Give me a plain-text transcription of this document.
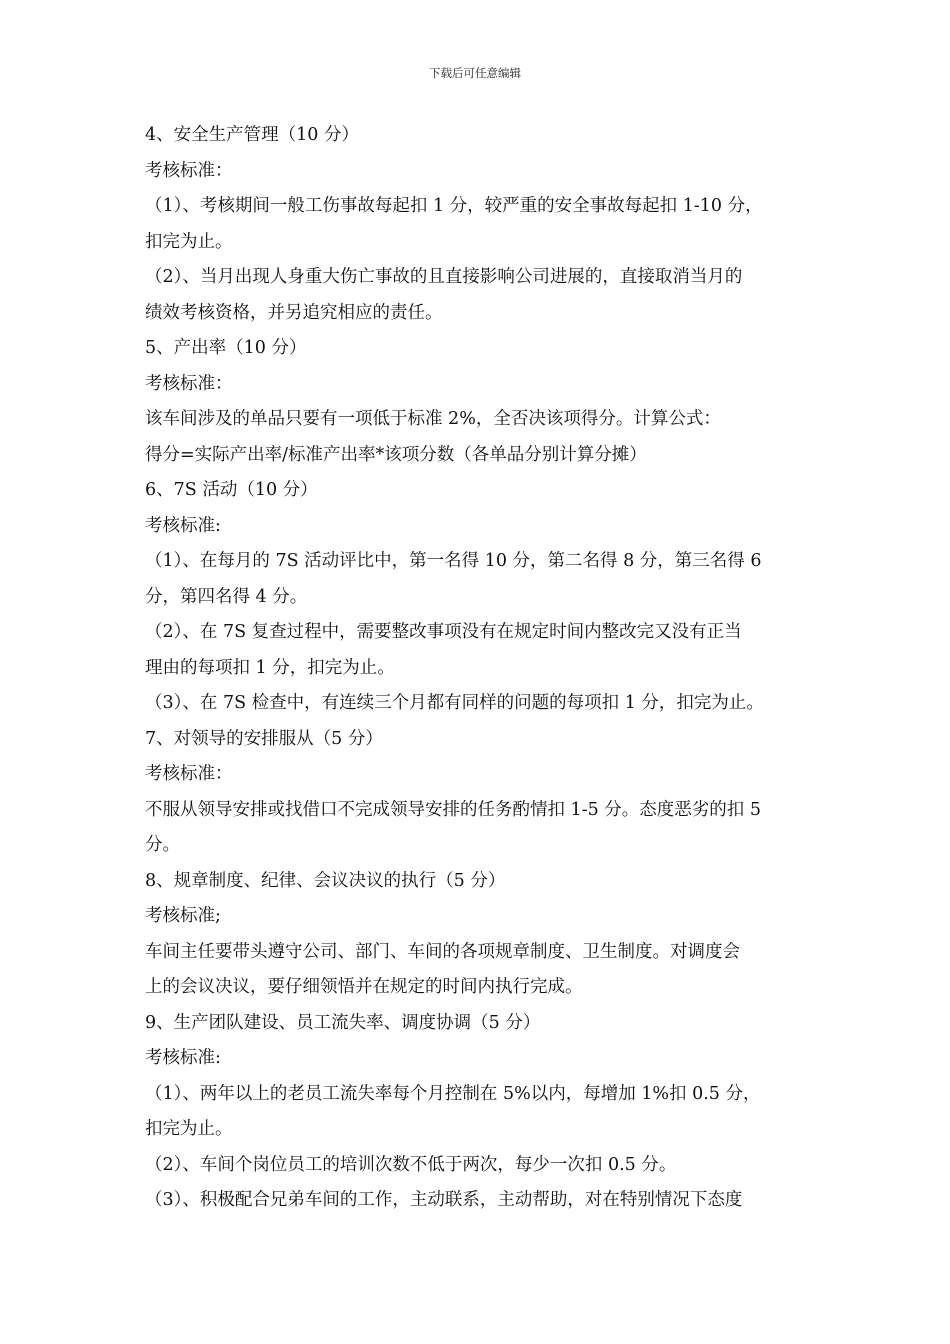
下载后可任意编辑
4、安全生产管理（10 分）
考核标准：
（1）、考核期间一般工伤事故每起扣 1 分，较严重的安全事故每起扣 1-10 分，
扣完为止。
（2）、当月出现人身重大伤亡事故的且直接影响公司进展的，直接取消当月的
绩效考核资格，并另追究相应的责任。
5、产出率（10 分）
考核标准：
该车间涉及的单品只要有一项低于标准 2%，全否决该项得分。计算公式：
得分=实际产出率/标准产出率*该项分数（各单品分别计算分摊）
6、7S 活动（10 分）
考核标准:
（1）、在每月的 7S 活动评比中，第一名得 10 分，第二名得 8 分，第三名得 6
分，第四名得 4 分。
（2）、在 7S 复查过程中，需要整改事项没有在规定时间内整改完又没有正当
理由的每项扣 1 分，扣完为止。
（3）、在 7S 检查中，有连续三个月都有同样的问题的每项扣 1 分，扣完为止。
7、对领导的安排服从（5 分）
考核标准：
不服从领导安排或找借口不完成领导安排的任务酌情扣 1-5 分。态度恶劣的扣 5
分。
8、规章制度、纪律、会议决议的执行（5 分）
考核标准;
车间主任要带头遵守公司、部门、车间的各项规章制度、卫生制度。对调度会
上的会议决议，要仔细领悟并在规定的时间内执行完成。
9、生产团队建设、员工流失率、调度协调（5 分）
考核标准:
（1）、两年以上的老员工流失率每个月控制在 5%以内，每增加 1%扣 0.5 分，
扣完为止。
（2）、车间个岗位员工的培训次数不低于两次，每少一次扣 0.5 分。
（3）、积极配合兄弟车间的工作，主动联系，主动帮助，对在特别情况下态度
